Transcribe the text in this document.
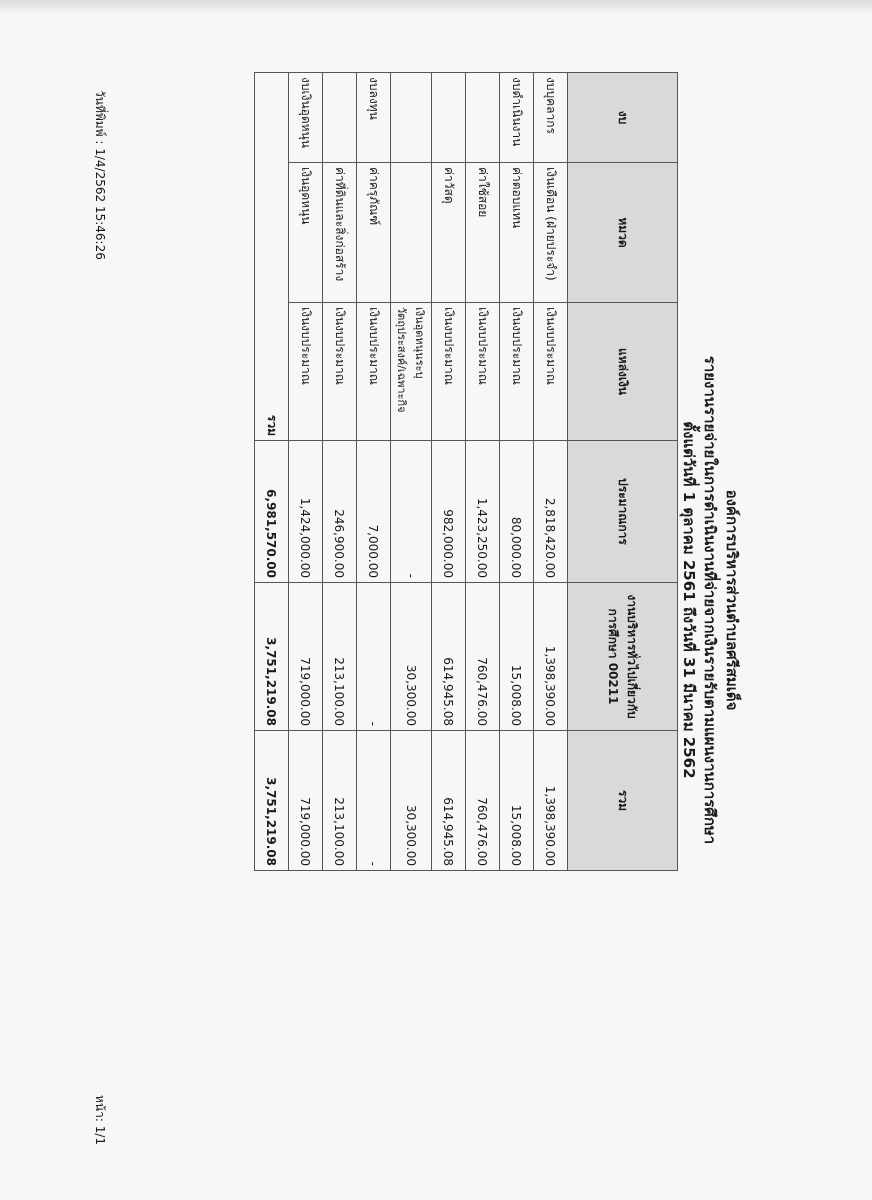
วันที่พิมพ์ : 1/4/2562 15:46:26
หน้า: 1/1
องค์การบริหารส่วนตำบลศรีสมเด็จ
รายงานรายจ่ายในการดำเนินงานที่จ่ายจากเงินรายรับตามแผนงานการศึกษา
ตั้งแต่วันที่ 1 ตุลาคม 2561 ถึงวันที่ 31 มีนาคม 2562
งบ	หมวด	แหล่งเงิน	ประมาณการ	งานบริหารทั่วไปเกี่ยวกับการศึกษา 00211	รวม
งบบุคลากร	เงินเดือน (ฝ่ายประจำ)	เงินงบประมาณ	2,818,420.00	1,398,390.00	1,398,390.00
งบดำเนินงาน	ค่าตอบแทน	เงินงบประมาณ	80,000.00	15,008.00	15,008.00
	ค่าใช้สอย	เงินงบประมาณ	1,423,250.00	760,476.00	760,476.00
	ค่าวัสดุ	เงินงบประมาณ	982,000.00	614,945.08	614,945.08
		เงินอุดหนุนระบุวัตถุประสงค์/เฉพาะกิจ	-	30,300.00	30,300.00
งบลงทุน	ค่าครุภัณฑ์	เงินงบประมาณ	7,000.00	-	-
	ค่าที่ดินและสิ่งก่อสร้าง	เงินงบประมาณ	246,900.00	213,100.00	213,100.00
งบเงินอุดหนุน	เงินอุดหนุน	เงินงบประมาณ	1,424,000.00	719,000.00	719,000.00
รวม			6,981,570.00	3,751,219.08	3,751,219.08
